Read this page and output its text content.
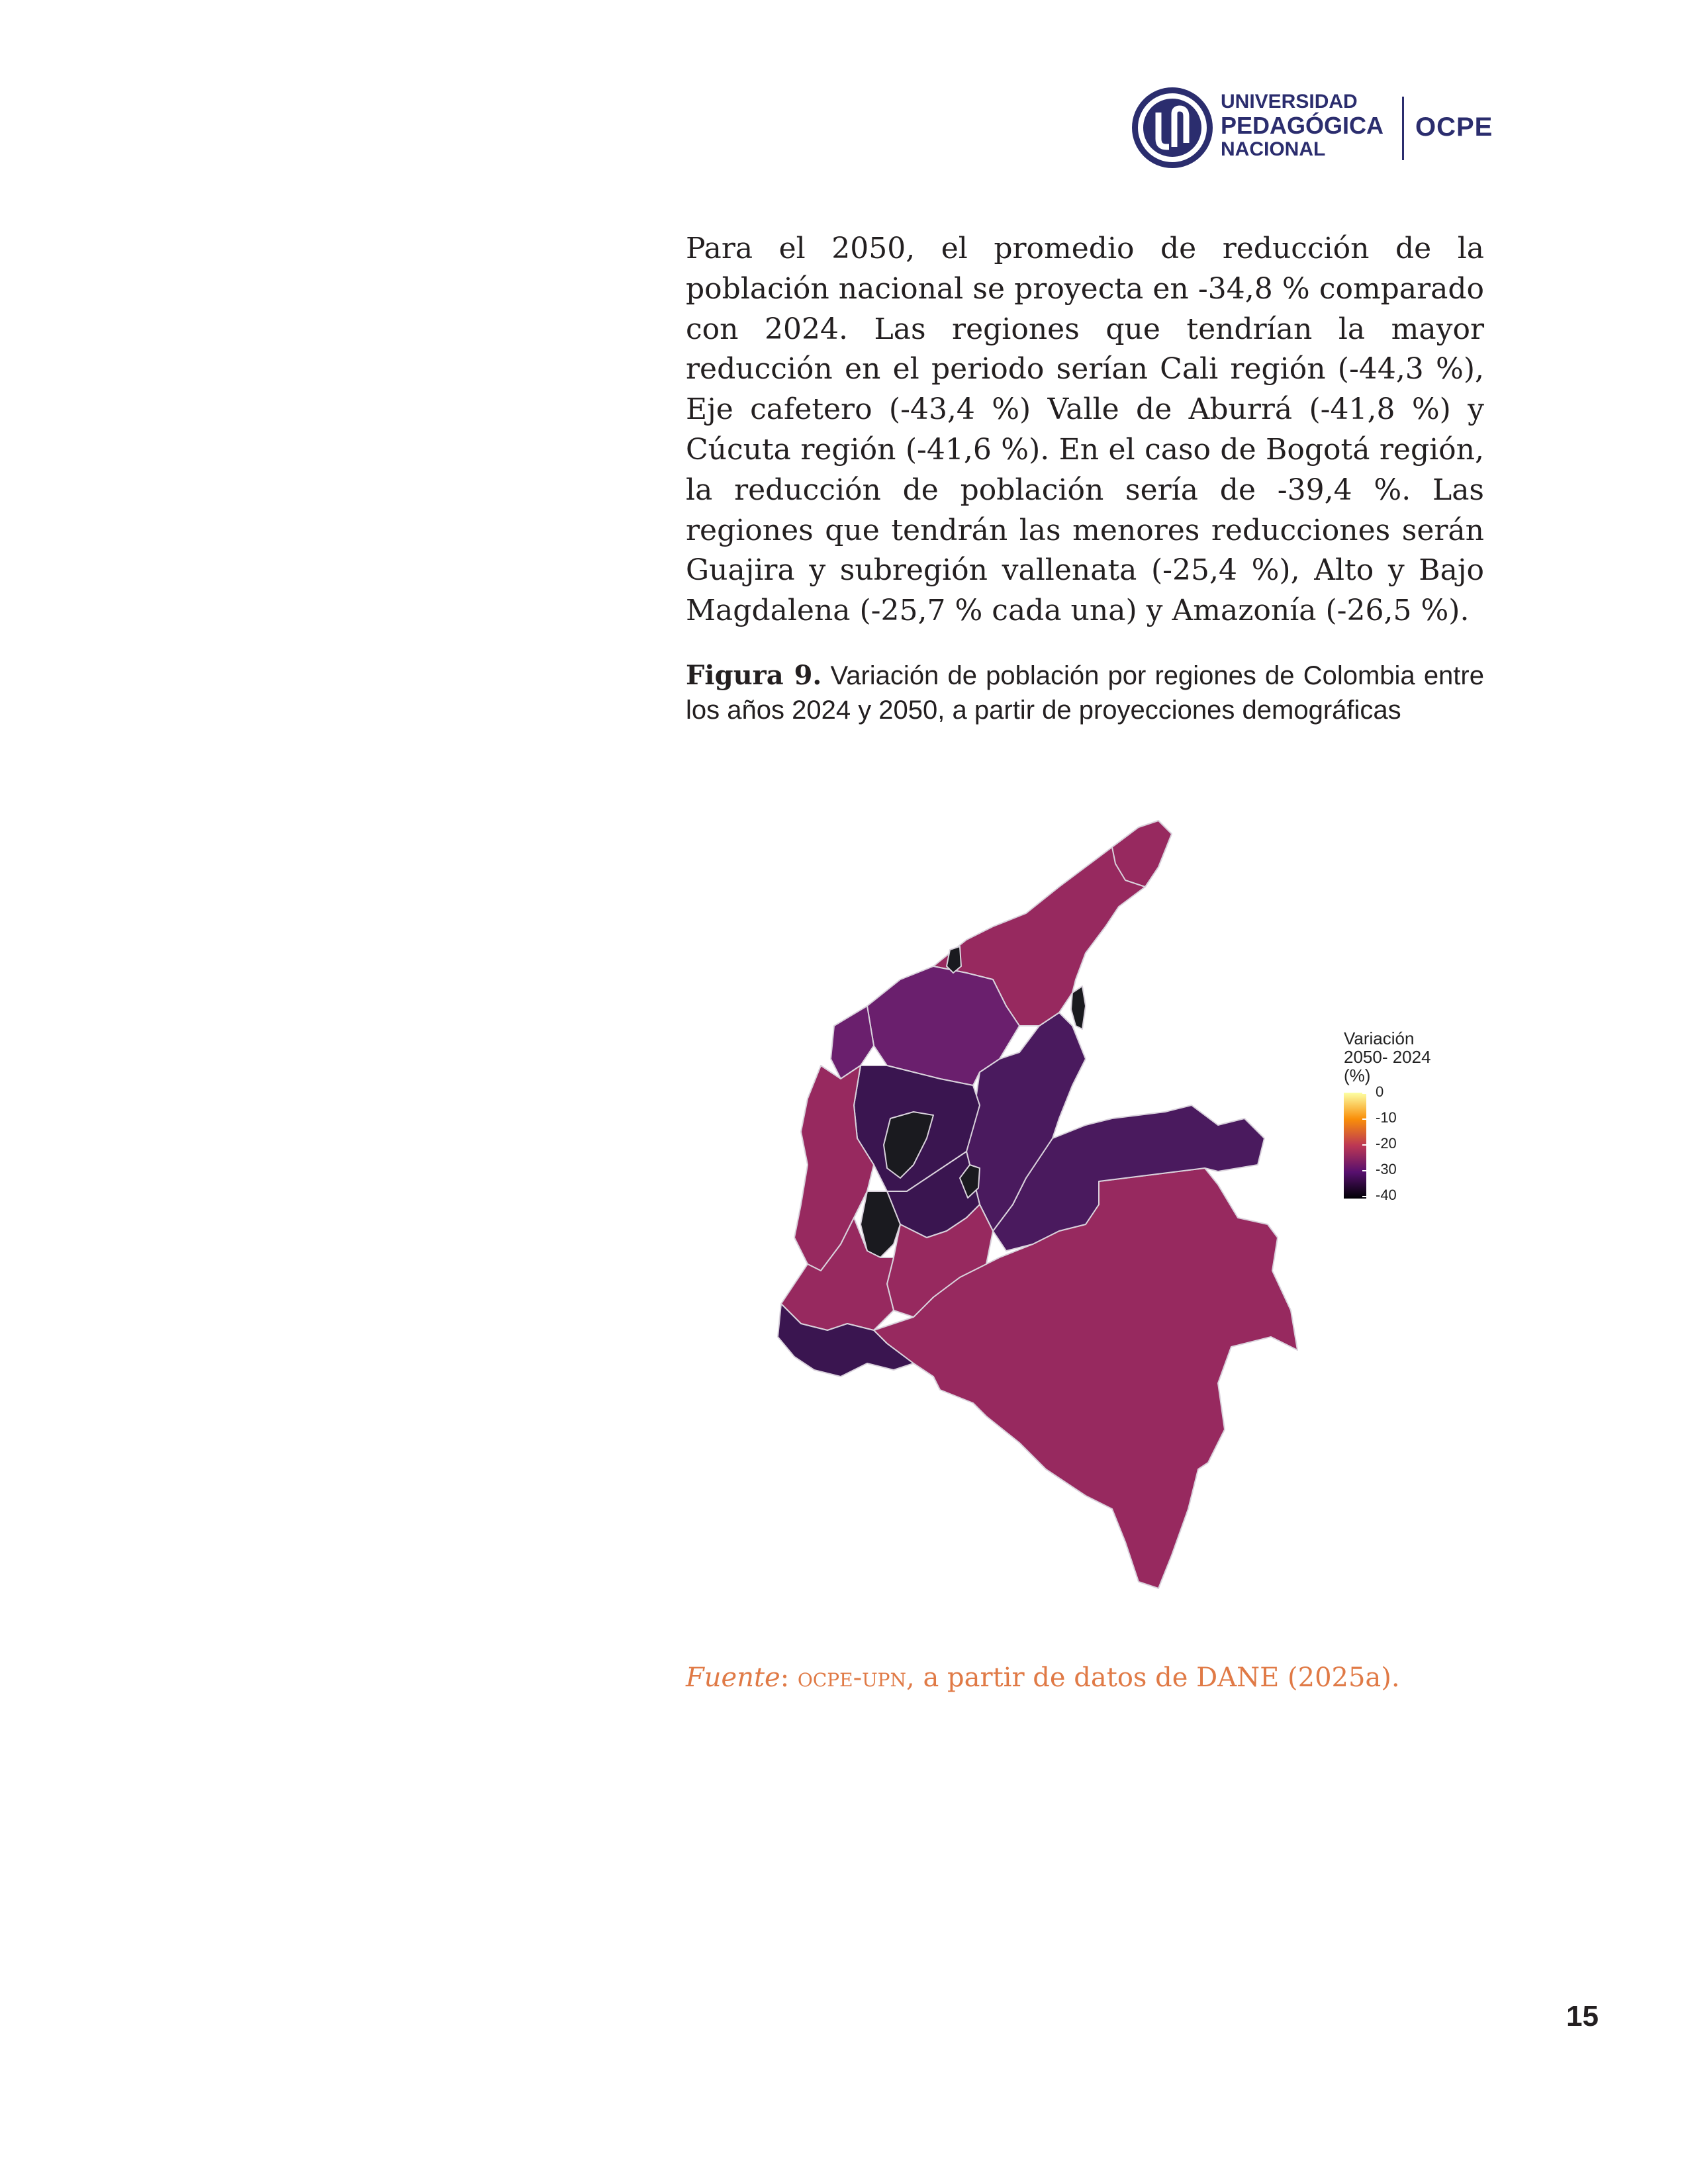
UNIVERSIDAD
PEDAGÓGICA
NACIONAL
OCPE

Para el 2050, el promedio de reducción de la población nacional se proyecta en -34,8 % comparado con 2024. Las regiones que tendrían la mayor reducción en el periodo serían Cali región (-44,3 %), Eje cafetero (-43,4 %) Valle de Aburrá (-41,8 %) y Cúcuta región (-41,6 %). En el caso de Bogotá región, la reducción de población sería de -39,4 %. Las regiones que tendrán las menores reducciones serán Guajira y subregión vallenata (-25,4 %), Alto y Bajo Magdalena (-25,7 % cada una) y Amazonía (-26,5 %).

Figura 9. Variación de población por regiones de Colombia entre los años 2024 y 2050, a partir de proyecciones demográficas

Variación
2050- 2024
(%)
0
-10
-20
-30
-40
Fuente: ocpe-upn, a partir de datos de DANE (2025a).
15
